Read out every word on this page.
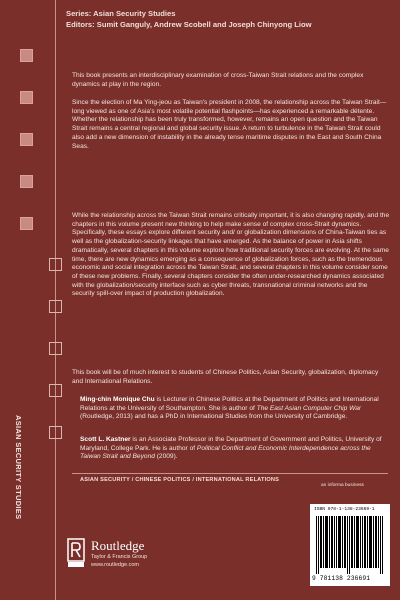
Series: Asian Security Studies
Editors: Sumit Ganguly, Andrew Scobell and Joseph Chinyong Liow

This book presents an interdisciplinary examination of cross-Taiwan Strait relations and the complex dynamics at play in the region.

Since the election of Ma Ying-jeou as Taiwan's president in 2008, the relationship across the Taiwan Strait—long viewed as one of Asia's most volatile potential flashpoints—has experienced a remarkable détente. Whether the relationship has been truly transformed, however, remains an open question and the Taiwan Strait remains a central regional and global security issue. A return to turbulence in the Taiwan Strait could also add a new dimension of instability in the already tense maritime disputes in the East and South China Seas.

While the relationship across the Taiwan Strait remains critically important, it is also changing rapidly, and the chapters in this volume present new thinking to help make sense of complex cross-Strait dynamics. Specifically, these essays explore different security and/ or globalization dimensions of China-Taiwan ties as well as the globalization-security linkages that have emerged. As the balance of power in Asia shifts dramatically, several chapters in this volume explore how traditional security forces are evolving. At the same time, there are new dynamics emerging as a consequence of globalization forces, such as the tremendous economic and social integration across the Taiwan Strait, and several chapters in this volume consider some of these new problems. Finally, several chapters consider the often under-researched dynamics associated with the globalization/security interface such as cyber threats, transnational criminal networks and the security spill-over impact of production globalization.

This book will be of much interest to students of Chinese Politics, Asian Security, globalization, diplomacy and International Relations.

Ming-chin Monique Chu is Lecturer in Chinese Politics at the Department of Politics and International Relations at the University of Southampton. She is author of The East Asian Computer Chip War (Routledge, 2013) and has a PhD in International Studies from the University of Cambridge.
Scott L. Kastner is an Associate Professor in the Department of Government and Politics, University of Maryland, College Park. He is author of Political Conflict and Economic Interdependence across the Taiwan Strait and Beyond (2009).
ASIAN SECURITY / CHINESE POLITICS / INTERNATIONAL RELATIONS
ASIAN SECURITY STUDIES	an informa business
ISBN 978-1-138-23669-1
9 781138 236691
Routledge
Taylor & Francis Group
www.routledge.com
